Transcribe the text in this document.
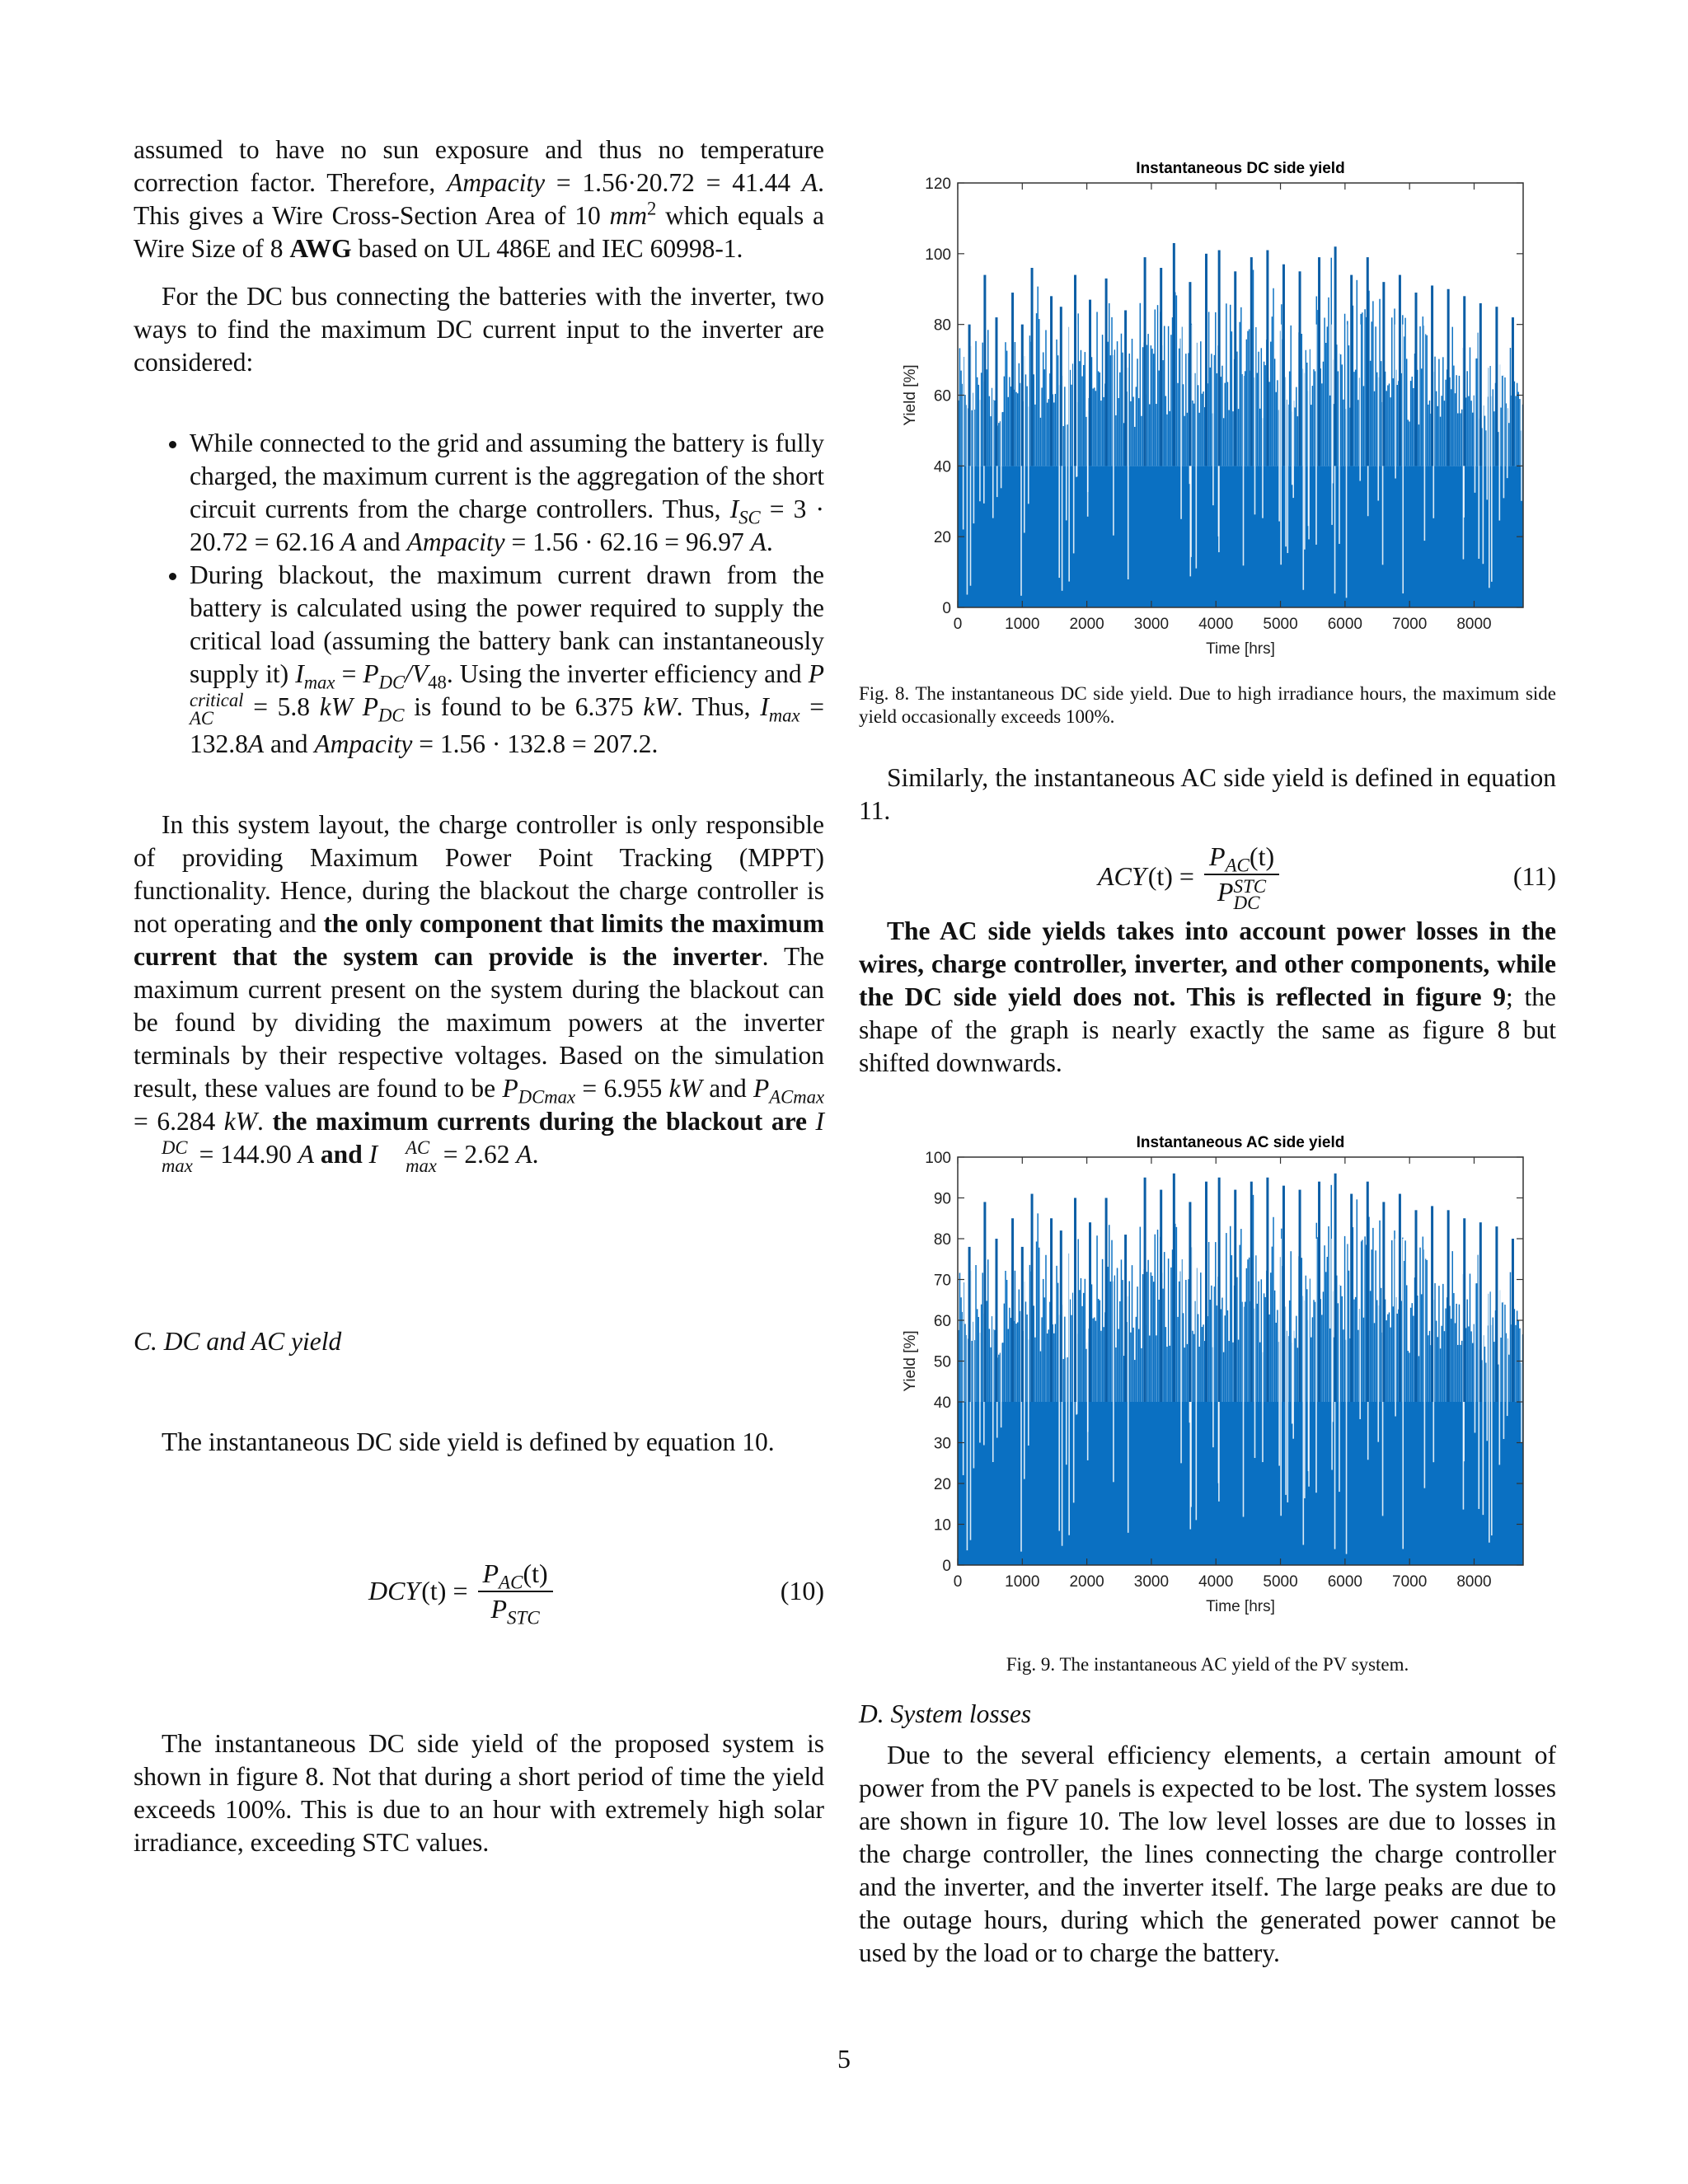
assumed to have no sun exposure and thus no temperature correction factor. Therefore, Ampacity = 1.56·20.72 = 41.44 A. This gives a Wire Cross-Section Area of 10 $mm^2$ which equals a Wire Size of 8 AWG based on UL 486E and IEC 60998-1.

For the DC bus connecting the batteries with the inverter, two ways to find the maximum DC current input to the inverter are considered:

• While connected to the grid and assuming the battery is fully charged, the maximum current is the aggregation of the short circuit currents from the charge controllers. Thus, $I_{SC} = 3 \cdot 20.72 = 62.16$ A and Ampacity = 1.56 · 62.16 = 96.97 A.
• During blackout, the maximum current drawn from the battery is calculated using the power required to supply the critical load (assuming the battery bank can instantaneously supply it) $I_{max} = P_{DC}/V_{48}$. Using the inverter efficiency and P
critical
AC	= 5.8 kW $P_{DC}$ is found to be 6.375 kW. Thus, $I_{max} = 132.8A$ and Ampacity = 1.56 · 132.8 = 207.2.

In this system layout, the charge controller is only responsible of providing Maximum Power Point Tracking (MPPT) functionality. Hence, during the blackout the charge controller is not operating and the only component that limits the maximum current that the system can provide is the inverter. The maximum current present on the system during the blackout can be found by dividing the maximum powers at the inverter terminals by their respective voltages. Based on the simulation result, these values are found to be $P_{DCmax} = 6.955$ kW and $P_{ACmax} = 6.284$ kW. the maximum currents during the blackout are I
DC
max = 144.90 A and I	AC
max = 2.62 A.

C. DC and AC yield

The instantaneous DC side yield is defined by equation 10.

DCY $(t) = \frac{P_{AC}(t)}{P_{STC}}$	(10)

The instantaneous DC side yield of the proposed system is shown in figure 8. Not that during a short period of time the yield exceeds 100%. This is due to an hour with extremely high solar irradiance, exceeding STC values.

Instantaneous DC side yield
0
20
40
60
80
100
120
0	1000 2000 3000 4000 5000 6000 7000 8000
Time [hrs]
Yield [%]

Fig. 8. The instantaneous DC side yield. Due to high irradiance hours, the maximum side yield occasionally exceeds 100%.

Similarly, the instantaneous AC side yield is defined in equation 11.

ACY $(t) = P_{AC}(t)$
P STC
DC	(11)

The AC side yields takes into account power losses in the wires, charge controller, inverter, and other components, while the DC side yield does not. This is reflected in figure 9; the shape of the graph is nearly exactly the same as figure 8 but shifted downwards.

Instantaneous AC side yield
0
10
20
30
40
50
60
70
80
90
100
0	1000 2000 3000 4000 5000 6000 7000 8000
Time [hrs]
Yield [%]

Fig. 9. The instantaneous AC yield of the PV system.

D. System losses

Due to the several efficiency elements, a certain amount of power from the PV panels is expected to be lost. The system losses are shown in figure 10. The low level losses are due to losses in the charge controller, the lines connecting the charge controller and the inverter, and the inverter itself. The large peaks are due to the outage hours, during which the generated power cannot be used by the load or to charge the battery.

5
